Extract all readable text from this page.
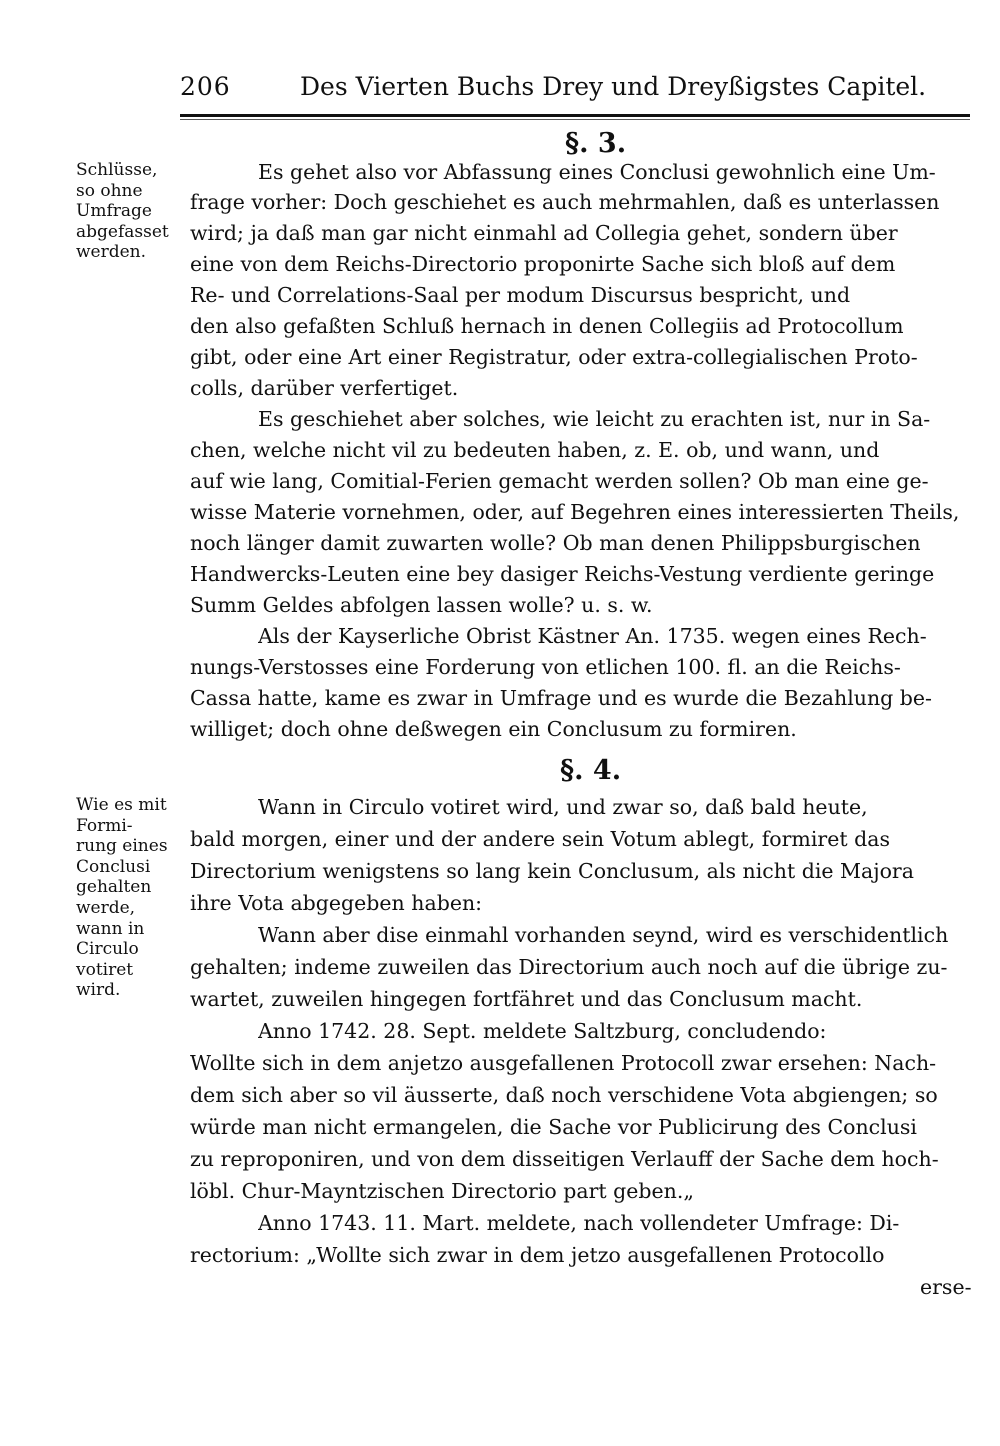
206	Des Vierten Buchs Drey und Dreyßigstes Capitel.
§. 3.
Schlüsse,
so ohne
Umfrage
abgefasset
werden.
Es gehet also vor Abfassung eines Conclusi gewohnlich eine Um-
frage vorher: Doch geschiehet es auch mehrmahlen, daß es unterlassen
wird; ja daß man gar nicht einmahl ad Collegia gehet, sondern über
eine von dem Reichs-Directorio proponirte Sache sich bloß auf dem
Re- und Correlations-Saal per modum Discursus bespricht, und
den also gefaßten Schluß hernach in denen Collegiis ad Protocollum
gibt, oder eine Art einer Registratur, oder extra-collegialischen Proto-
colls, darüber verfertiget.
Es geschiehet aber solches, wie leicht zu erachten ist, nur in Sa-
chen, welche nicht vil zu bedeuten haben, z. E. ob, und wann, und
auf wie lang, Comitial-Ferien gemacht werden sollen? Ob man eine ge-
wisse Materie vornehmen, oder, auf Begehren eines interessierten Theils,
noch länger damit zuwarten wolle? Ob man denen Philippsburgischen
Handwercks-Leuten eine bey dasiger Reichs-Vestung verdiente geringe
Summ Geldes abfolgen lassen wolle? u. s. w.
Als der Kayserliche Obrist Kästner An. 1735. wegen eines Rech-
nungs-Verstosses eine Forderung von etlichen 100. fl. an die Reichs-
Cassa hatte, kame es zwar in Umfrage und es wurde die Bezahlung be-
williget; doch ohne deßwegen ein Conclusum zu formiren.
§. 4.
Wie es mit
Formi-
rung eines
Conclusi
gehalten
werde,
wann in
Circulo
votiret
wird.
Wann in Circulo votiret wird, und zwar so, daß bald heute,
bald morgen, einer und der andere sein Votum ablegt, formiret das
Directorium wenigstens so lang kein Conclusum, als nicht die Majora
ihre Vota abgegeben haben:
Wann aber dise einmahl vorhanden seynd, wird es verschidentlich
gehalten; indeme zuweilen das Directorium auch noch auf die übrige zu-
wartet, zuweilen hingegen fortfähret und das Conclusum macht.
Anno 1742. 28. Sept. meldete Saltzburg, concludendo:
Wollte sich in dem anjetzo ausgefallenen Protocoll zwar ersehen: Nach-
dem sich aber so vil äusserte, daß noch verschidene Vota abgiengen; so
würde man nicht ermangelen, die Sache vor Publicirung des Conclusi
zu reproponiren, und von dem disseitigen Verlauff der Sache dem hoch-
löbl. Chur-Mayntzischen Directorio part geben.„
Anno 1743. 11. Mart. meldete, nach vollendeter Umfrage: Di-
rectorium: „Wollte sich zwar in dem jetzo ausgefallenen Protocollo
erse-
